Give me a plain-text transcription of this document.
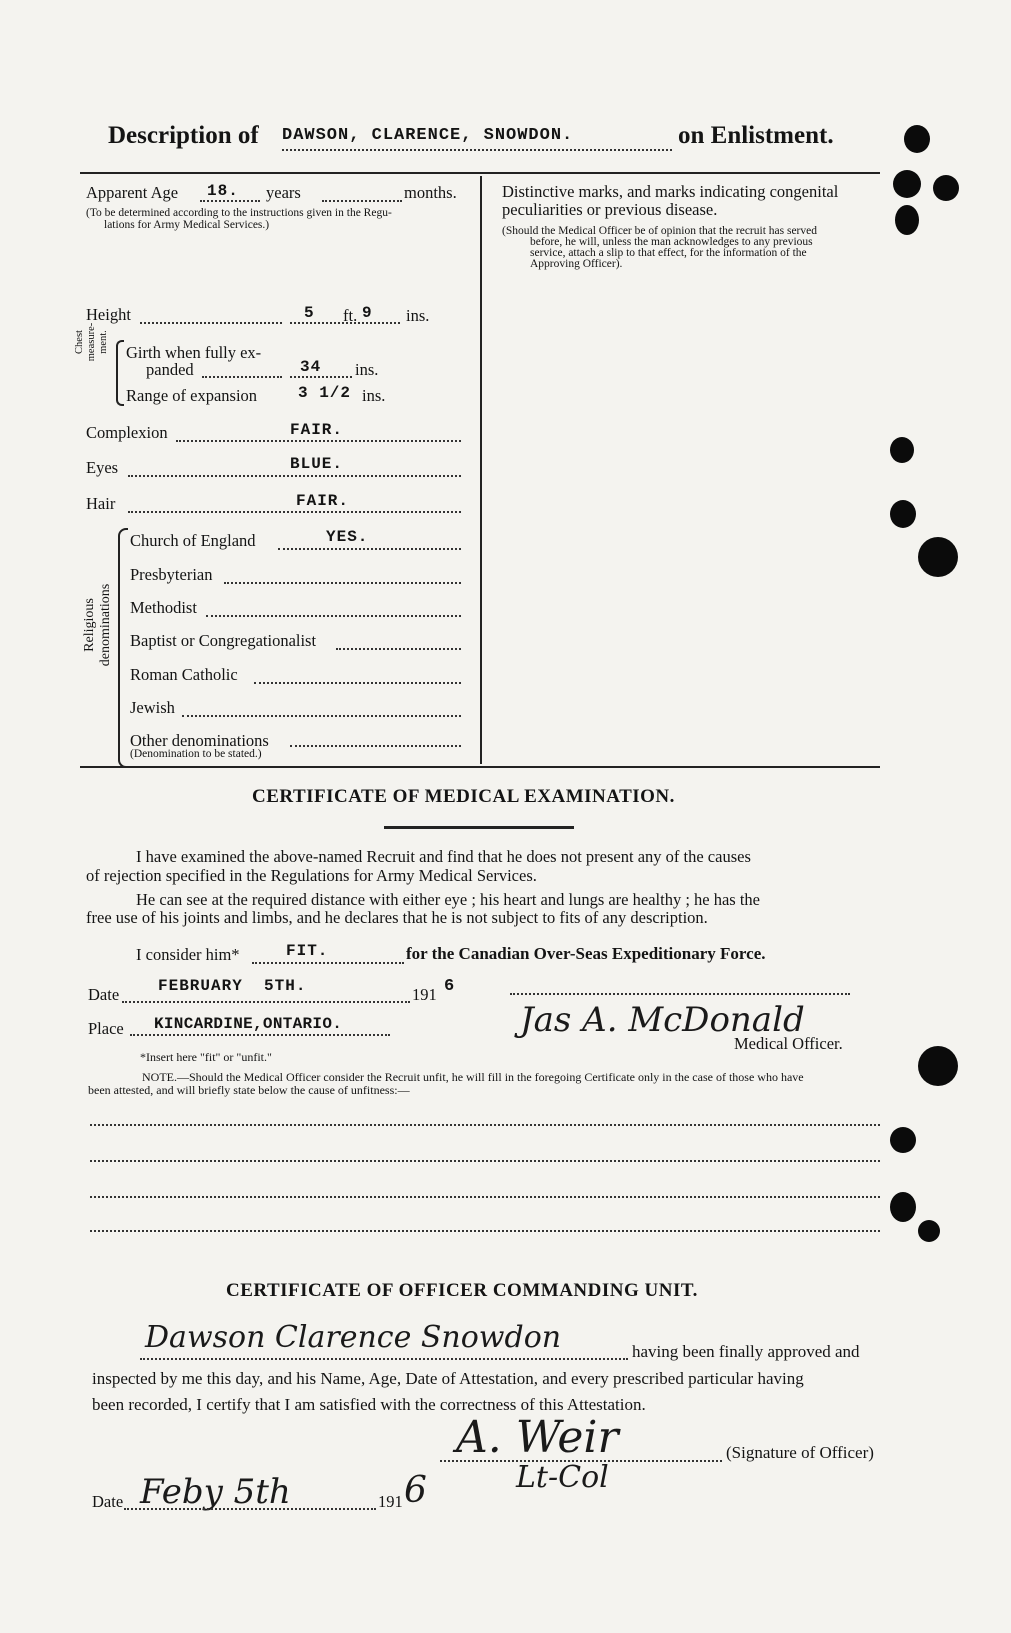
Description of DAWSON, CLARENCE, SNOWDON.	on Enlistment.
Apparent Age 18. years	months.
(To be determined according to the instructions given in the Regu-
lations for Army Medical Services.)
Distinctive marks, and marks indicating congenital
peculiarities or previous disease.
(Should the Medical Officer be of opinion that the recruit has served
before, he will, unless the man acknowledges to any previous
service, attach a slip to that effect, for the information of the
Approving Officer).
Height	5 ft. 9 ins.
Chest measure-ment. Girth when fully ex-
panded	34 ins.
Range of expansion	3 1/2 ins.
Complexion	FAIR.
Eyes	BLUE.
Hair	FAIR.
Religious denominations
Church of England	YES.
Presbyterian
Methodist
Baptist or Congregationalist
Roman Catholic
Jewish
Other denominations
(Denomination to be stated.)
CERTIFICATE OF MEDICAL EXAMINATION.
I have examined the above-named Recruit and find that he does not present any of the causes
of rejection specified in the Regulations for Army Medical Services.
He can see at the required distance with either eye ; his heart and lungs are healthy ; he has the
free use of his joints and limbs, and he declares that he is not subject to fits of any description.
I consider him*	FIT.	for the Canadian Over-Seas Expeditionary Force.
Date FEBRUARY  5TH.	191 6
Place KINCARDINE,ONTARIO.	Jas A. McDonald
Medical Officer.
*Insert here "fit" or "unfit."
NOTE.—Should the Medical Officer consider the Recruit unfit, he will fill in the foregoing Certificate only in the case of those who have
been attested, and will briefly state below the cause of unfitness:—
CERTIFICATE OF OFFICER COMMANDING UNIT.
Dawson Clarence Snowdon	having been finally approved and
inspected by me this day, and his Name, Age, Date of Attestation, and every prescribed particular having
been recorded, I certify that I am satisfied with the correctness of this Attestation.
A. Weir	(Signature of Officer)
Lt-Col
Date Feby 5th	191 6
